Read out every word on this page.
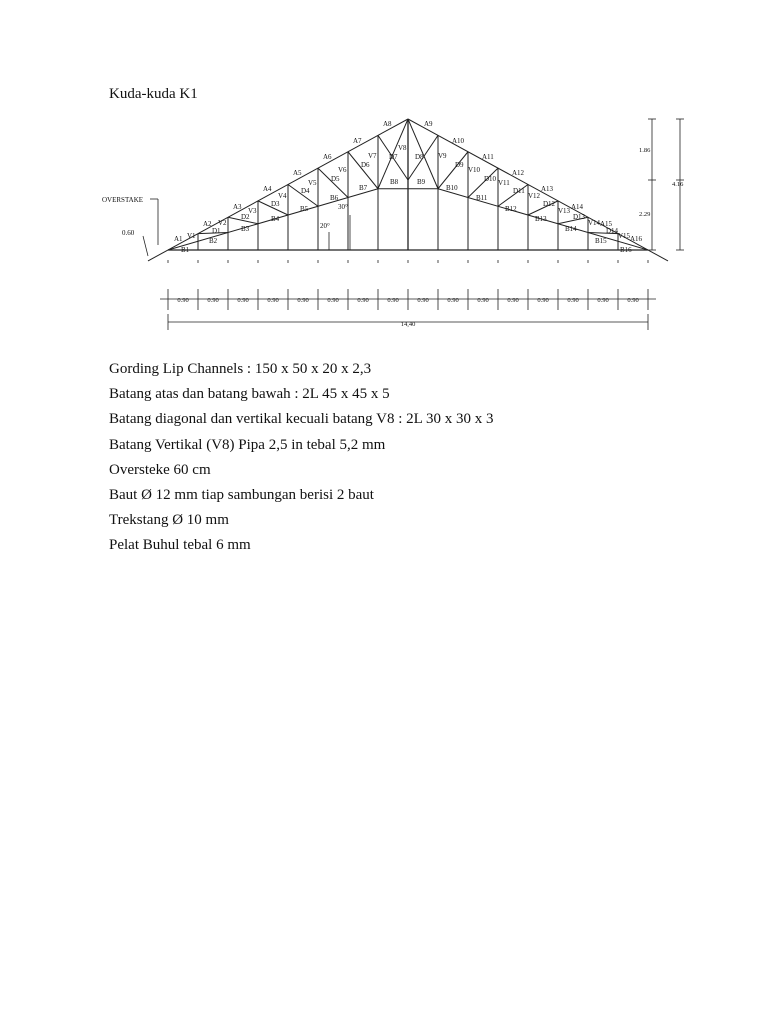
Kuda-kuda K1
A1
A2
A3
A4
A5
A6
A7
A8	A9
A10
A11
A12
A13
A14
A15
A16
B1
B2
B3
B4
B5
B6
B7
B8	B9
B10
B11
B12
B13
B14
B15
B16
D1
D2
D3
D4
D5
D6
D7 D8
D9
D10
D11
D12
D13
D14
V1
V2
V3
V4
V5
V6
V7
V8
V9
V10
V11
V12
V13
V14
V15
20°
30°
OVERSTAKE
0.60
1.86
2.29
4.16
0.90	0.90	0.90	0.90	0.90	0.90	0.90	0.90	0.90	0.90	0.90	0.90	0.90	0.90	0.90	0.90
14,40
Gording Lip Channels : 150 x 50 x 20 x 2,3
Batang atas dan batang bawah : 2L 45 x 45 x 5
Batang diagonal dan vertikal kecuali batang V8 : 2L 30 x 30 x 3
Batang Vertikal (V8) Pipa 2,5 in tebal 5,2 mm
Oversteke 60 cm
Baut Ø 12 mm tiap sambungan berisi 2 baut
Trekstang Ø 10 mm
Pelat Buhul tebal 6 mm
